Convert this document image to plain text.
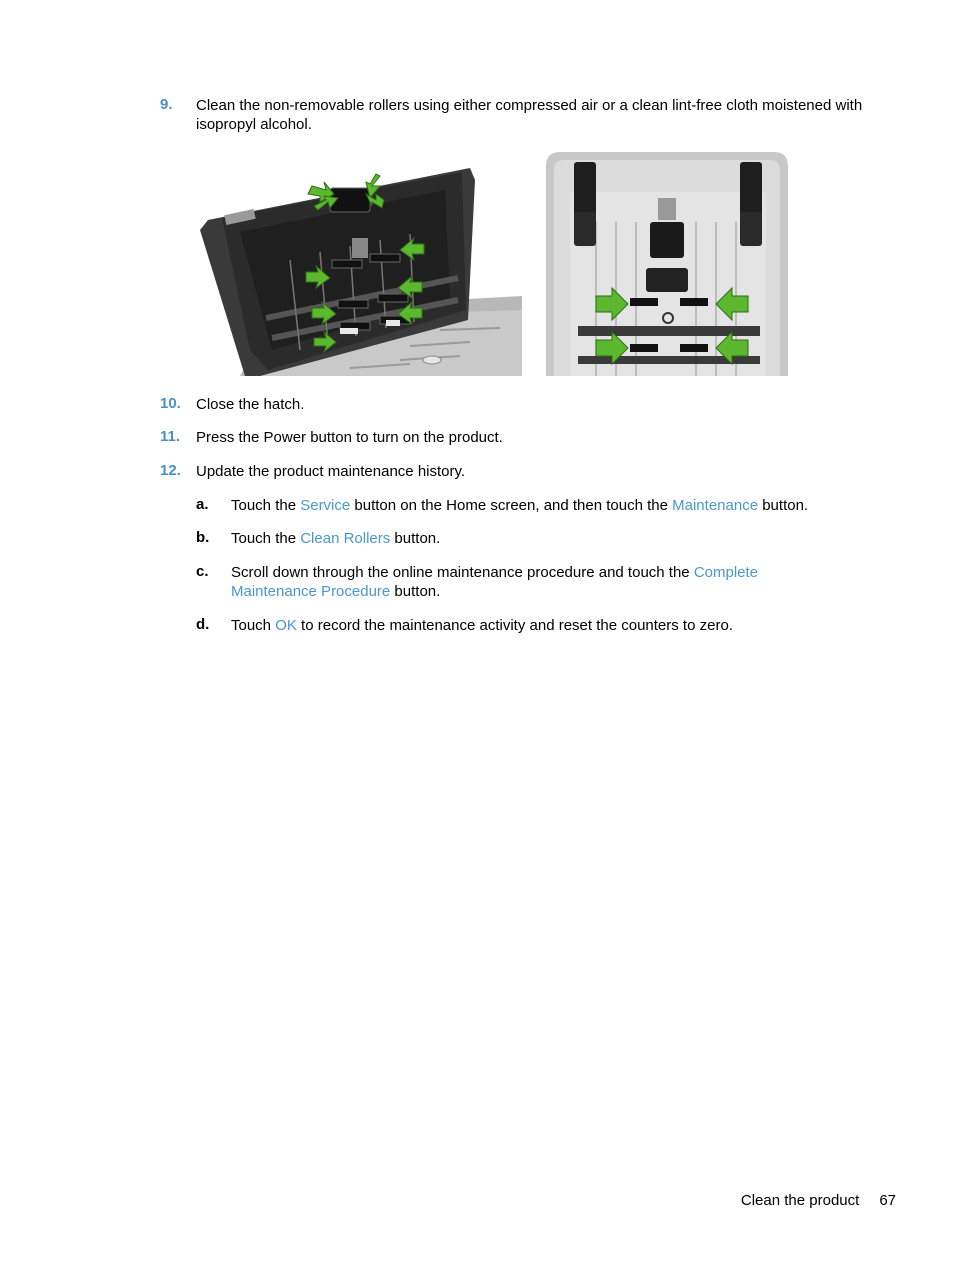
9. Clean the non-removable rollers using either compressed air or a clean lint-free cloth moistened with isopropyl alcohol.
10. Close the hatch.
11. Press the Power button to turn on the product.
12. Update the product maintenance history.
a. Touch the Service button on the Home screen, and then touch the Maintenance button.
b. Touch the Clean Rollers button.
c. Scroll down through the online maintenance procedure and touch the Complete Maintenance Procedure button.
d. Touch OK to record the maintenance activity and reset the counters to zero.
Clean the product 67
